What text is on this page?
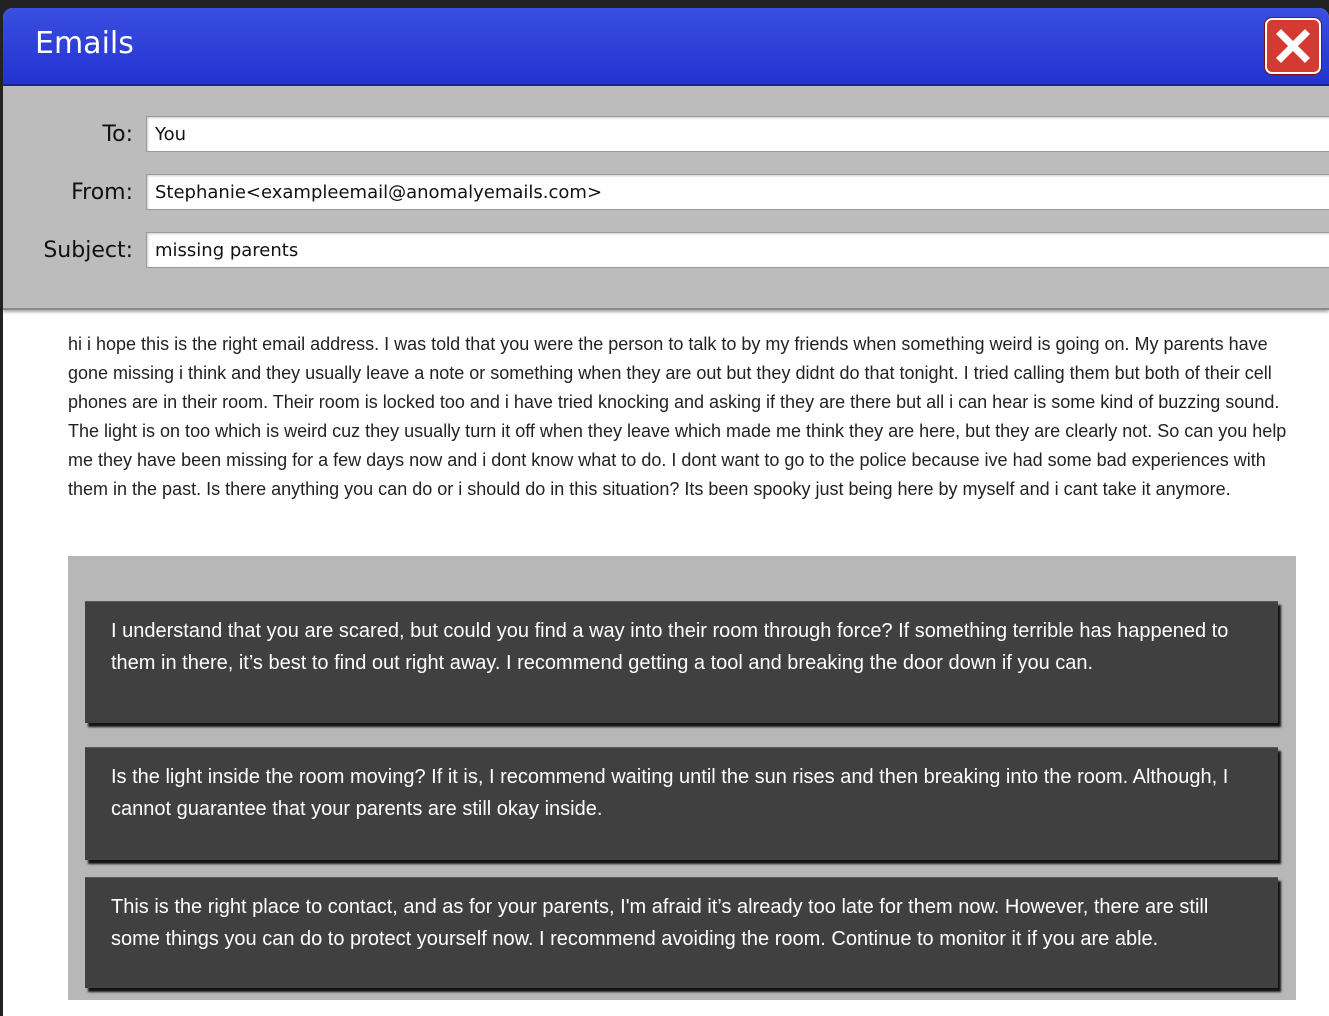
Emails
To:
You
From:
Stephanie<exampleemail@anomalyemails.com>
Subject:
missing parents

hi i hope this is the right email address. I was told that you were the person to talk to by my friends when something weird is going on. My parents have gone missing i think and they usually leave a note or something when they are out but they didnt do that tonight. I tried calling them but both of their cell phones are in their room. Their room is locked too and i have tried knocking and asking if they are there but all i can hear is some kind of buzzing sound. The light is on too which is weird cuz they usually turn it off when they leave which made me think they are here, but they are clearly not. So can you help me they have been missing for a few days now and i dont know what to do. I dont want to go to the police because ive had some bad experiences with them in the past. Is there anything you can do or i should do in this situation? Its been spooky just being here by myself and i cant take it anymore.

I understand that you are scared, but could you find a way into their room through force? If something terrible has happened to them in there, it’s best to find out right away. I recommend getting a tool and breaking the door down if you can.
Is the light inside the room moving? If it is, I recommend waiting until the sun rises and then breaking into the room. Although, I cannot guarantee that your parents are still okay inside.
This is the right place to contact, and as for your parents, I'm afraid it’s already too late for them now. However, there are still some things you can do to protect yourself now. I recommend avoiding the room. Continue to monitor it if you are able.
